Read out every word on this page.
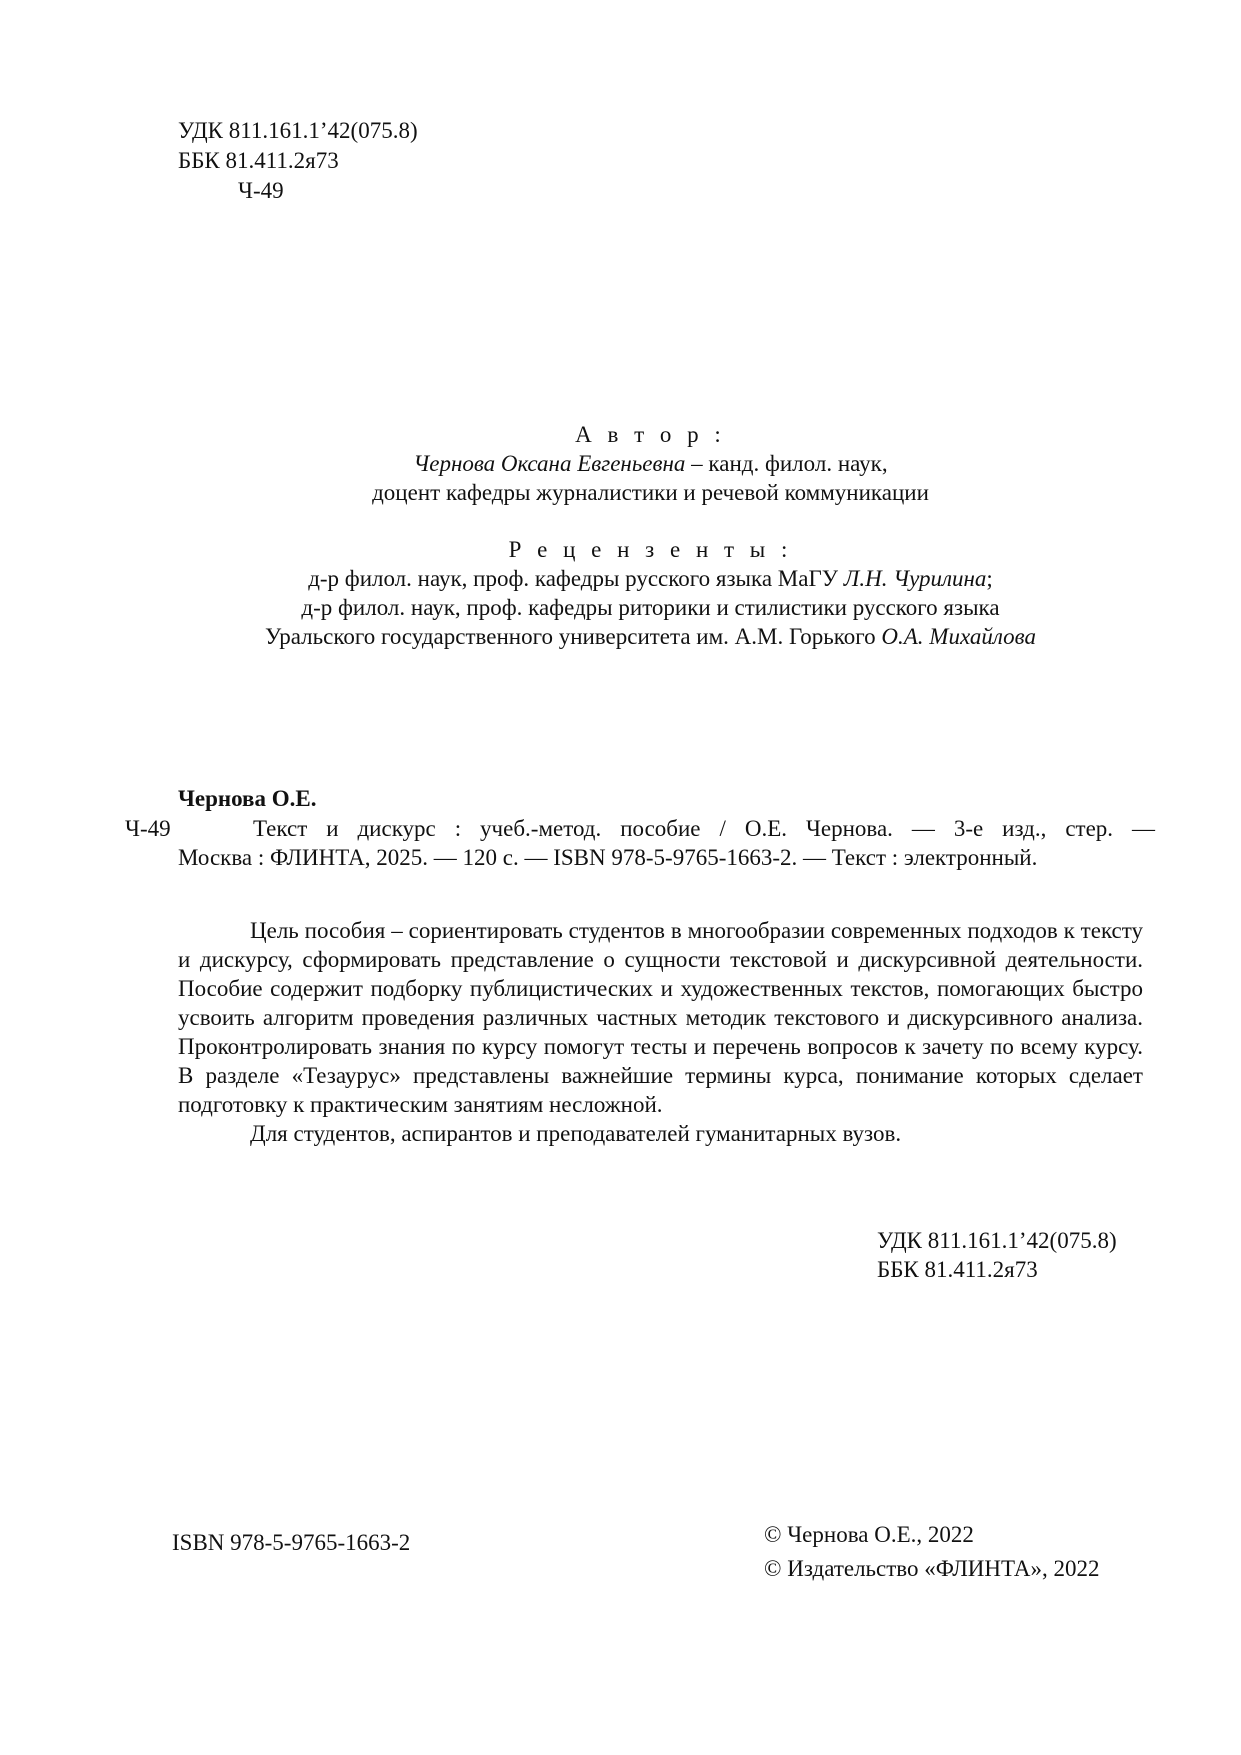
УДК 811.161.1’42(075.8)
ББК 81.411.2я73
Ч-49
А в т о р :
Чернова Оксана Евгеньевна – канд. филол. наук,
доцент кафедры журналистики и речевой коммуникации
Р е ц е н з е н т ы :
д-р филол. наук, проф. кафедры русского языка МаГУ Л.Н. Чурилина;
д-р филол. наук, проф. кафедры риторики и стилистики русского языка
Уральского государственного университета им. А.М. Горького О.А. Михайлова
Чернова О.Е.
Ч-49	Текст и дискурс : учеб.-метод. пособие / О.Е. Чернова. — 3-е изд., стер. —
Москва : ФЛИНТА, 2025. — 120 с. — ISBN 978-5-9765-1663-2. — Текст : электронный.

Цель пособия – сориентировать студентов в многообразии современных подходов к тексту и дискурсу, сформировать представление о сущности текстовой и дискурсивной деятельности. Пособие содержит подборку публицистических и художественных текстов, помогающих быстро усвоить алгоритм проведения различных частных методик текстового и дискурсивного анализа. Проконтролировать знания по курсу помогут тесты и перечень вопросов к зачету по всему курсу. В разделе «Тезаурус» представлены важнейшие термины курса, понимание которых сделает подготовку к практическим занятиям несложной.

Для студентов, аспирантов и преподавателей гуманитарных вузов.

УДК 811.161.1’42(075.8)
ББК 81.411.2я73
ISBN 978-5-9765-1663-2	© Чернова О.Е., 2022
© Издательство «ФЛИНТА», 2022
